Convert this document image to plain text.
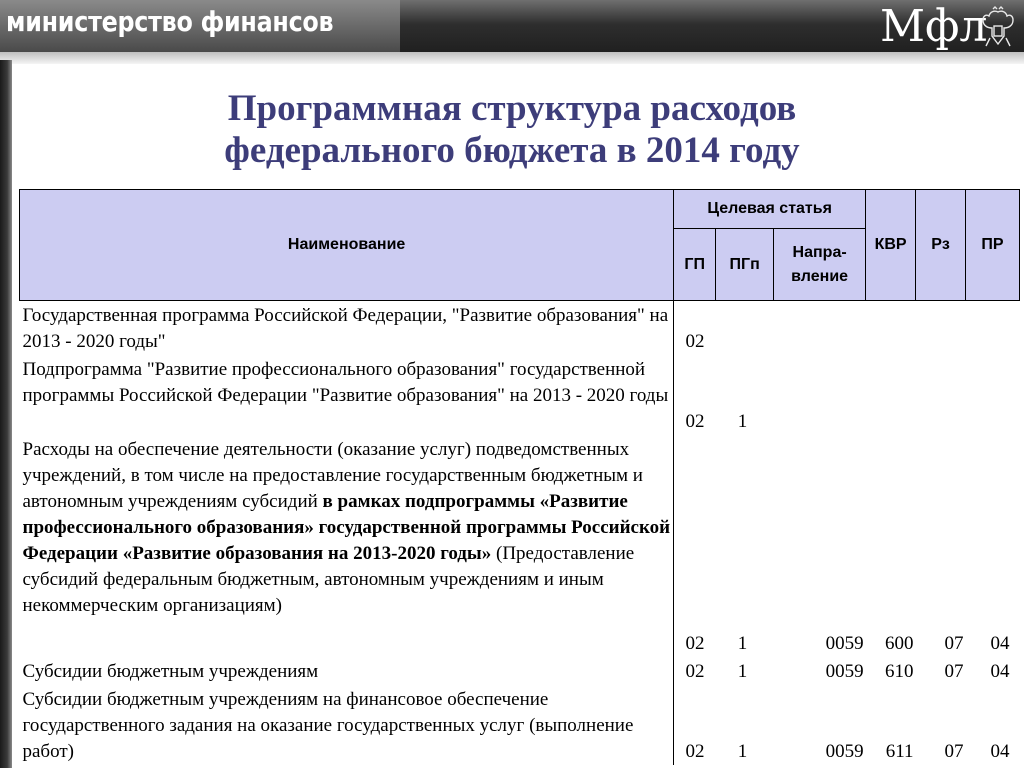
министерство финансов	Мфл
Программная структура расходов
федерального бюджета в 2014 году
Наименование	Целевая статья			КВР	Рз	ПР
	ГП	ПГп	Напра-
вление			
Государственная программа Российской Федерации, "Развитие образования" на 2013 - 2020 годы"	02					
Подпрограмма "Развитие профессионального образования" государственной программы Российской Федерации "Развитие образования" на 2013 - 2020 годы	02	1				
Расходы на обеспечение деятельности (оказание услуг) подведомственных учреждений, в том числе на предоставление государственным бюджетным и автономным учреждениям субсидий в рамках подпрограммы «Развитие профессионального образования» государственной программы Российской Федерации «Развитие образования на 2013-2020 годы» (Предоставление субсидий федеральным бюджетным, автономным учреждениям и иным некоммерческим организациям)	02	1	0059	600	07	04
Субсидии бюджетным учреждениям	02	1	0059	610	07	04
Субсидии бюджетным учреждениям на финансовое обеспечение государственного задания на оказание государственных услуг (выполнение работ)	02	1	0059	611	07	04
